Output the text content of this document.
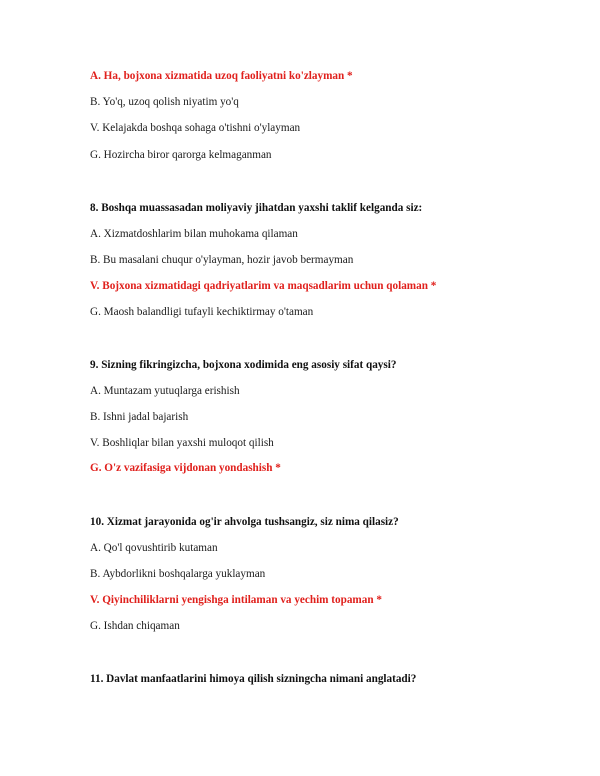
A. Ha, bojxona xizmatida uzoq faoliyatni ko'zlayman *
B. Yo'q, uzoq qolish niyatim yo'q
V. Kelajakda boshqa sohaga o'tishni o'ylayman
G. Hozircha biror qarorga kelmaganman
8. Boshqa muassasadan moliyaviy jihatdan yaxshi taklif kelganda siz:
A. Xizmatdoshlarim bilan muhokama qilaman
B. Bu masalani chuqur o'ylayman, hozir javob bermayman
V. Bojxona xizmatidagi qadriyatlarim va maqsadlarim uchun qolaman *
G. Maosh balandligi tufayli kechiktirmay o'taman
9. Sizning fikringizcha, bojxona xodimida eng asosiy sifat qaysi?
A. Muntazam yutuqlarga erishish
B. Ishni jadal bajarish
V. Boshliqlar bilan yaxshi muloqot qilish
G. O'z vazifasiga vijdonan yondashish *
10. Xizmat jarayonida og'ir ahvolga tushsangiz, siz nima qilasiz?
A. Qo'l qovushtirib kutaman
B. Aybdorlikni boshqalarga yuklayman
V. Qiyinchiliklarni yengishga intilaman va yechim topaman *
G. Ishdan chiqaman
11. Davlat manfaatlarini himoya qilish sizningcha nimani anglatadi?
